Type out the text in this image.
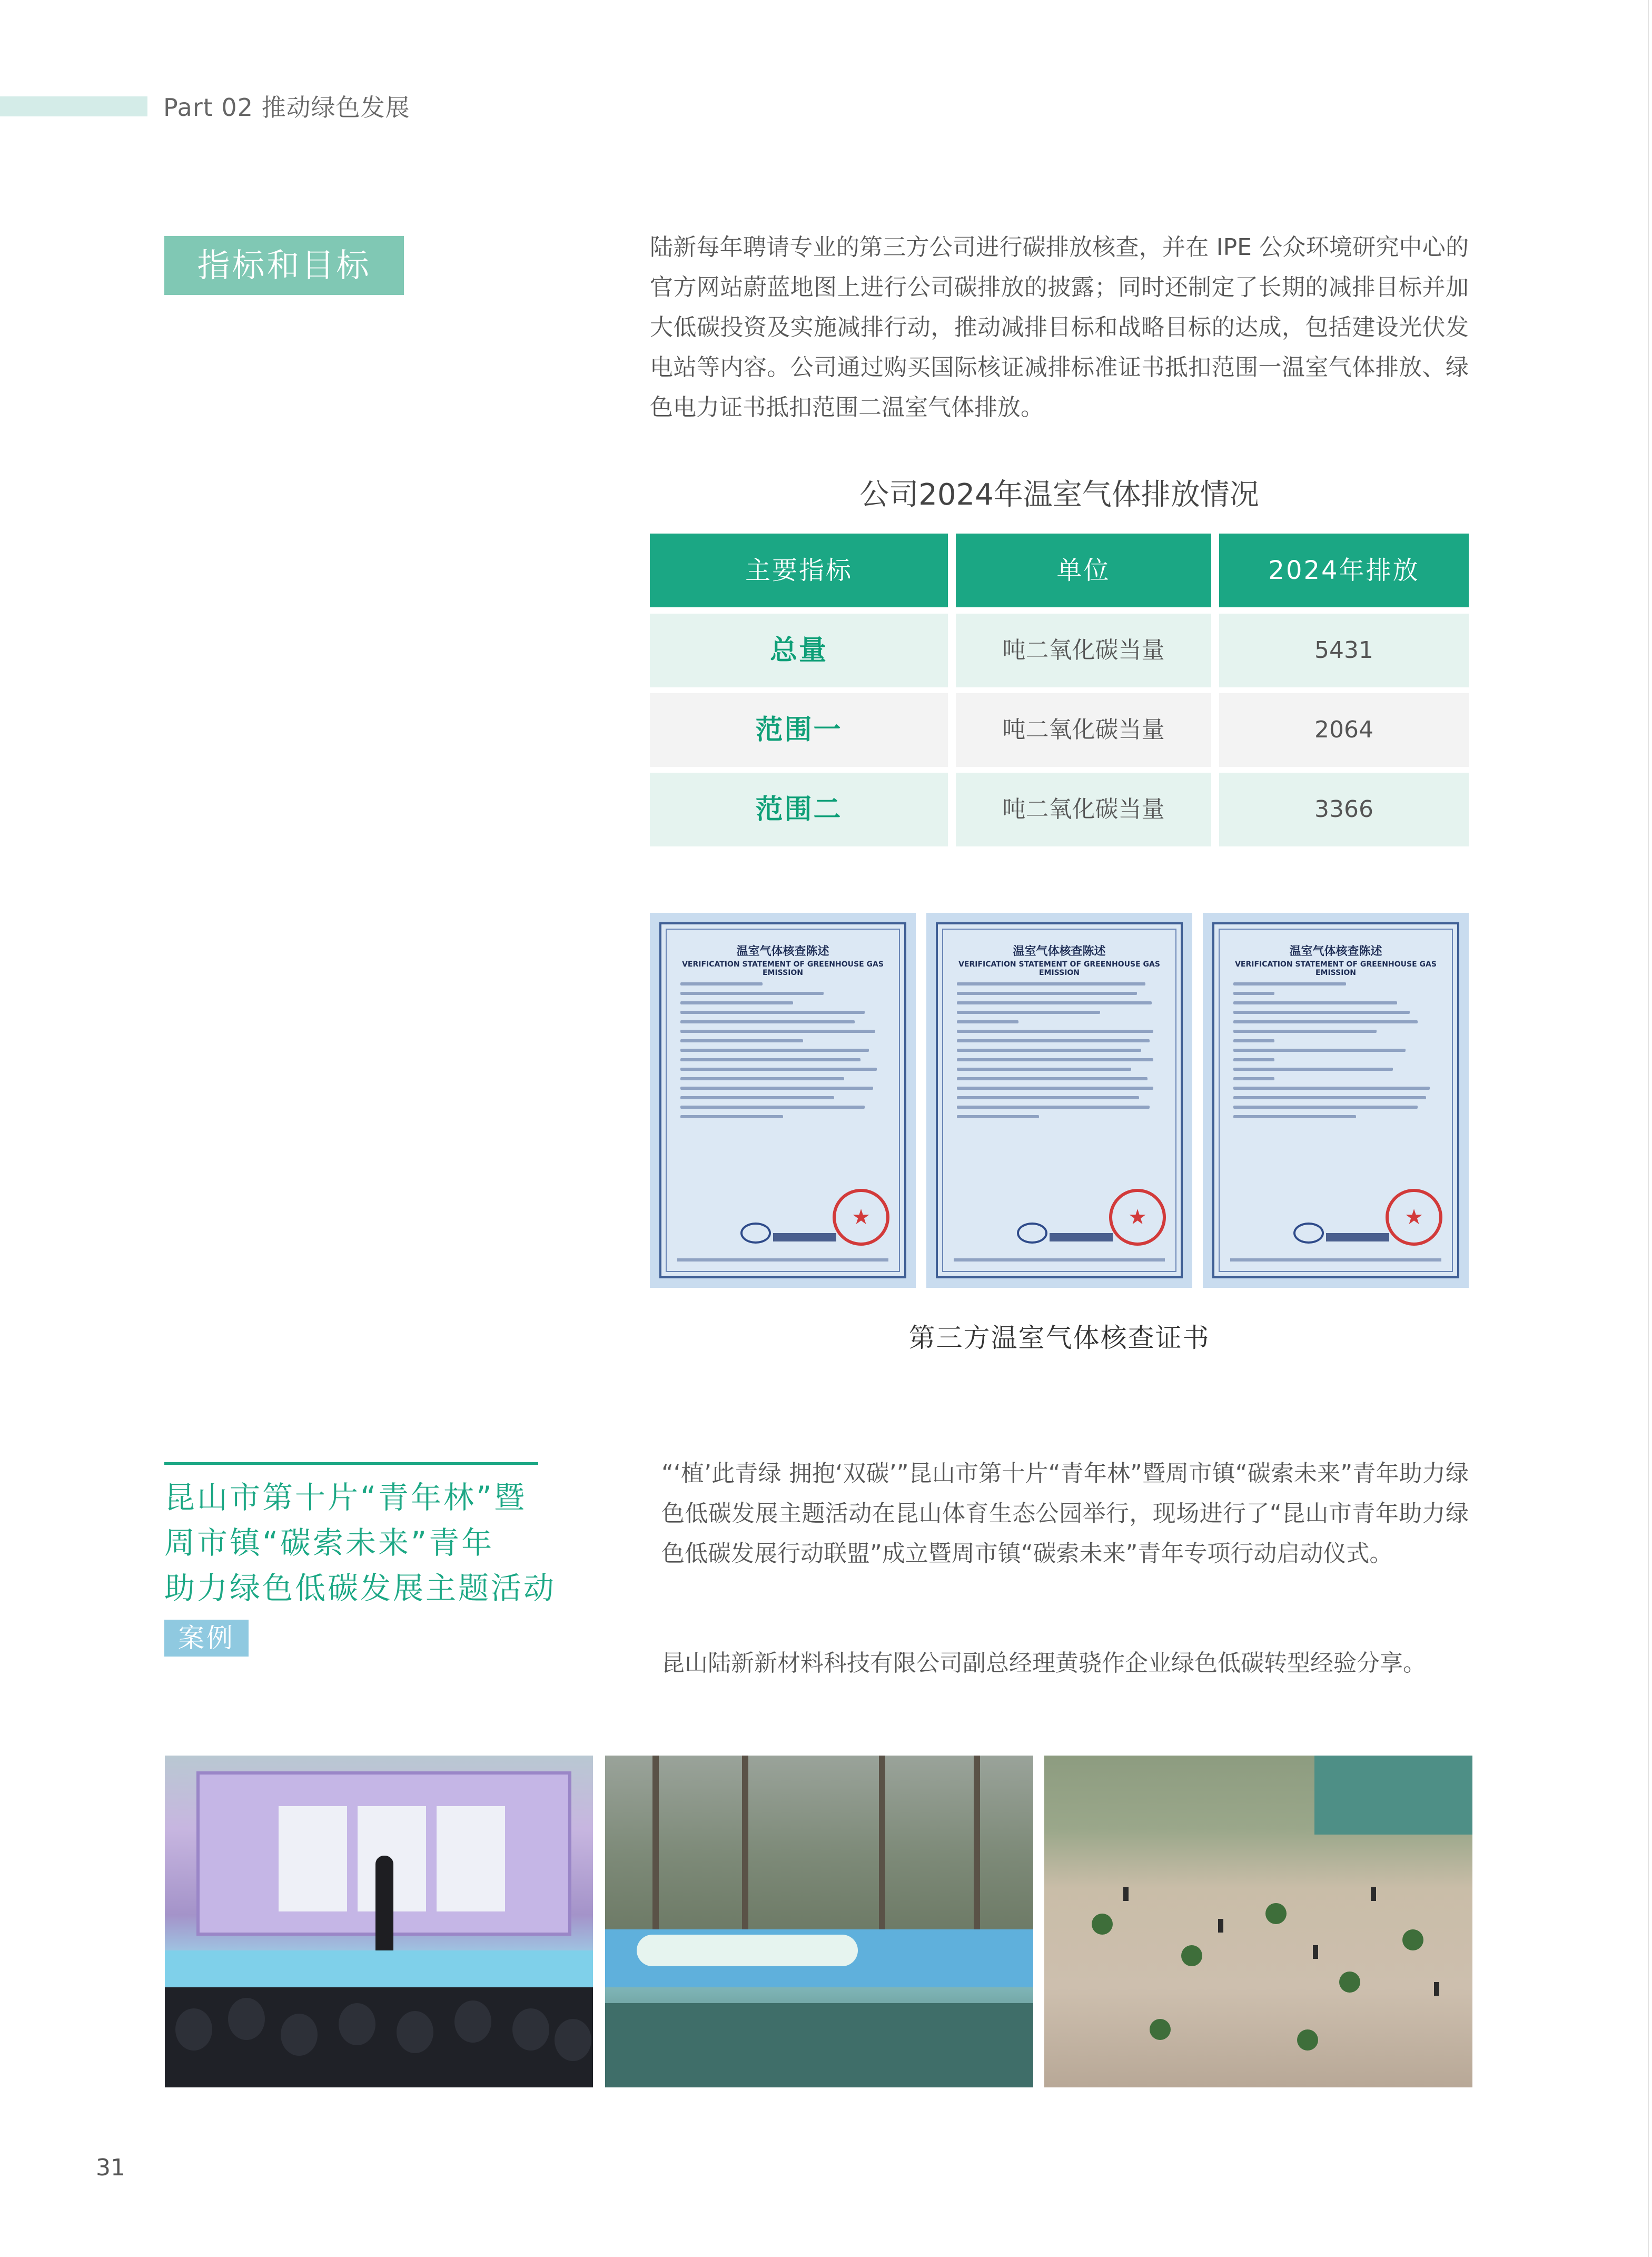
Part 02 推动绿色发展
指标和目标	陆新每年聘请专业的第三方公司进行碳排放核查，并在 IPE 公众环境研究中心的官方网站蔚蓝地图上进行公司碳排放的披露；同时还制定了长期的减排目标并加大低碳投资及实施减排行动，推动减排目标和战略目标的达成，包括建设光伏发电站等内容。公司通过购买国际核证减排标准证书抵扣范围一温室气体排放、绿色电力证书抵扣范围二温室气体排放。
公司2024年温室气体排放情况
主要指标	单位	2024年排放
总量	吨二氧化碳当量	5431
范围一	吨二氧化碳当量	2064
范围二	吨二氧化碳当量	3366
温室气体核查陈述
VERIFICATION STATEMENT OF GREENHOUSE GAS EMISSION
★
温室气体核查陈述
VERIFICATION STATEMENT OF GREENHOUSE GAS EMISSION
★
温室气体核查陈述
VERIFICATION STATEMENT OF GREENHOUSE GAS EMISSION
★
第三方温室气体核查证书
昆山市第十片“青年林”暨
周市镇“碳索未来”青年
助力绿色低碳发展主题活动
案例
“‘植’此青绿 拥抱‘双碳’”昆山市第十片“青年林”暨周市镇“碳索未来”青年助力绿色低碳发展主题活动在昆山体育生态公园举行，现场进行了“昆山市青年助力绿色低碳发展行动联盟”成立暨周市镇“碳索未来”青年专项行动启动仪式。
昆山陆新新材料科技有限公司副总经理黄骁作企业绿色低碳转型经验分享。
31
